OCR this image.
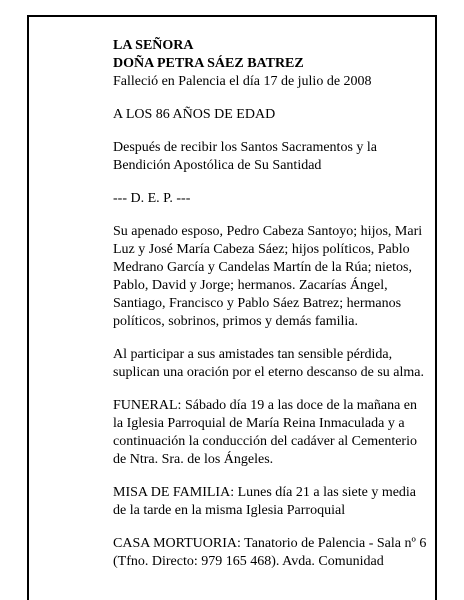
LA SEÑORA

DOÑA PETRA SÁEZ BATREZ

Falleció en Palencia el día 17 de julio de 2008

A LOS 86 AÑOS DE EDAD

Después de recibir los Santos Sacramentos y la Bendición Apostólica de Su Santidad

--- D. E. P. ---

Su apenado esposo, Pedro Cabeza Santoyo; hijos, Mari Luz y José María Cabeza Sáez; hijos políticos, Pablo Medrano García y Candelas Martín de la Rúa; nietos, Pablo, David y Jorge; hermanos. Zacarías Ángel, Santiago, Francisco y Pablo Sáez Batrez; hermanos políticos, sobrinos, primos y demás familia.

Al participar a sus amistades tan sensible pérdida, suplican una oración por el eterno descanso de su alma.

FUNERAL: Sábado día 19 a las doce de la mañana en la Iglesia Parroquial de María Reina Inmaculada y a continuación la conducción del cadáver al Cementerio de Ntra. Sra. de los Ángeles.

MISA DE FAMILIA: Lunes día 21 a las siete y media de la tarde en la misma Iglesia Parroquial

CASA MORTUORIA: Tanatorio de Palencia - Sala nº 6 (Tfno. Directo: 979 165 468). Avda. Comunidad
